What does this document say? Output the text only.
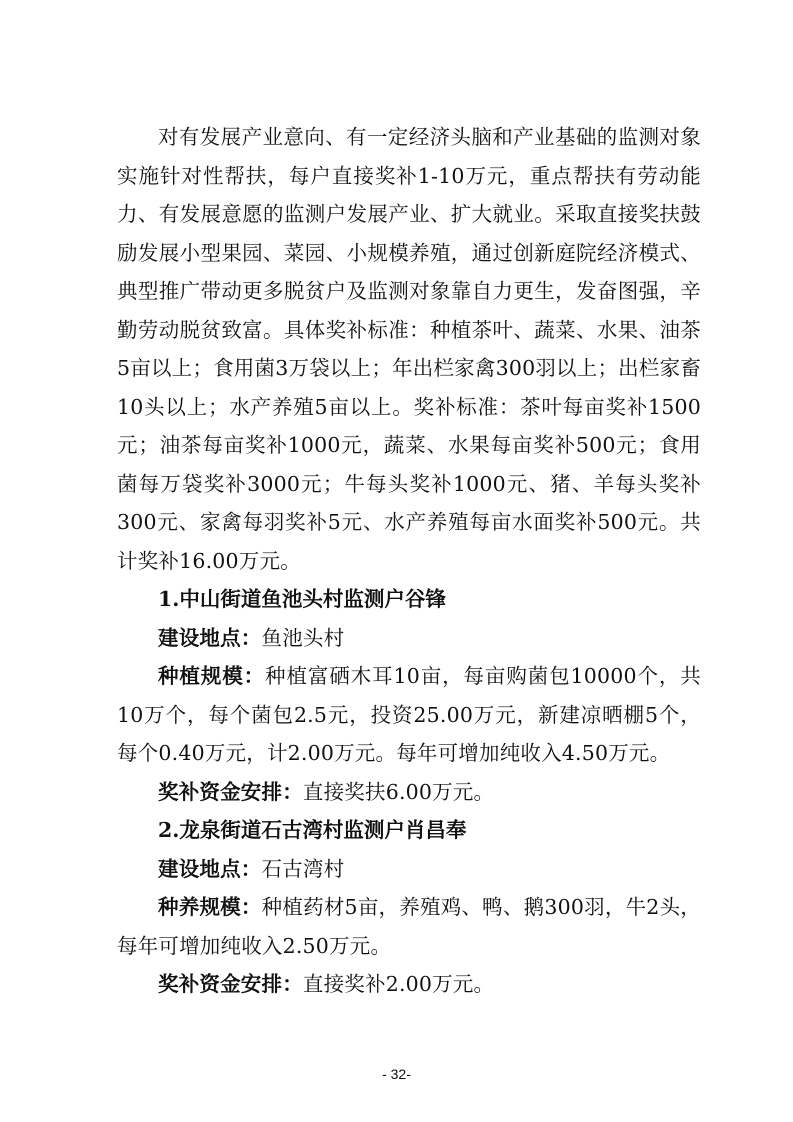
对有发展产业意向、有一定经济头脑和产业基础的监测对象实施针对性帮扶，每户直接奖补1-10万元，重点帮扶有劳动能力、有发展意愿的监测户发展产业、扩大就业。采取直接奖扶鼓励发展小型果园、菜园、小规模养殖，通过创新庭院经济模式、典型推广带动更多脱贫户及监测对象靠自力更生，发奋图强，辛勤劳动脱贫致富。具体奖补标准：种植茶叶、蔬菜、水果、油茶5亩以上；食用菌3万袋以上；年出栏家禽300羽以上；出栏家畜10头以上；水产养殖5亩以上。奖补标准：茶叶每亩奖补1500元；油茶每亩奖补1000元，蔬菜、水果每亩奖补500元；食用菌每万袋奖补3000元；牛每头奖补1000元、猪、羊每头奖补300元、家禽每羽奖补5元、水产养殖每亩水面奖补500元。共计奖补16.00万元。

1.中山街道鱼池头村监测户谷锋

建设地点：鱼池头村

种植规模：种植富硒木耳10亩，每亩购菌包10000个，共10万个，每个菌包2.5元，投资25.00万元，新建凉晒棚5个，每个0.40万元，计2.00万元。每年可增加纯收入4.50万元。

奖补资金安排：直接奖扶6.00万元。

2.龙泉街道石古湾村监测户肖昌奉

建设地点：石古湾村

种养规模：种植药材5亩，养殖鸡、鸭、鹅300羽，牛2头，每年可增加纯收入2.50万元。

奖补资金安排：直接奖补2.00万元。

- 32-
